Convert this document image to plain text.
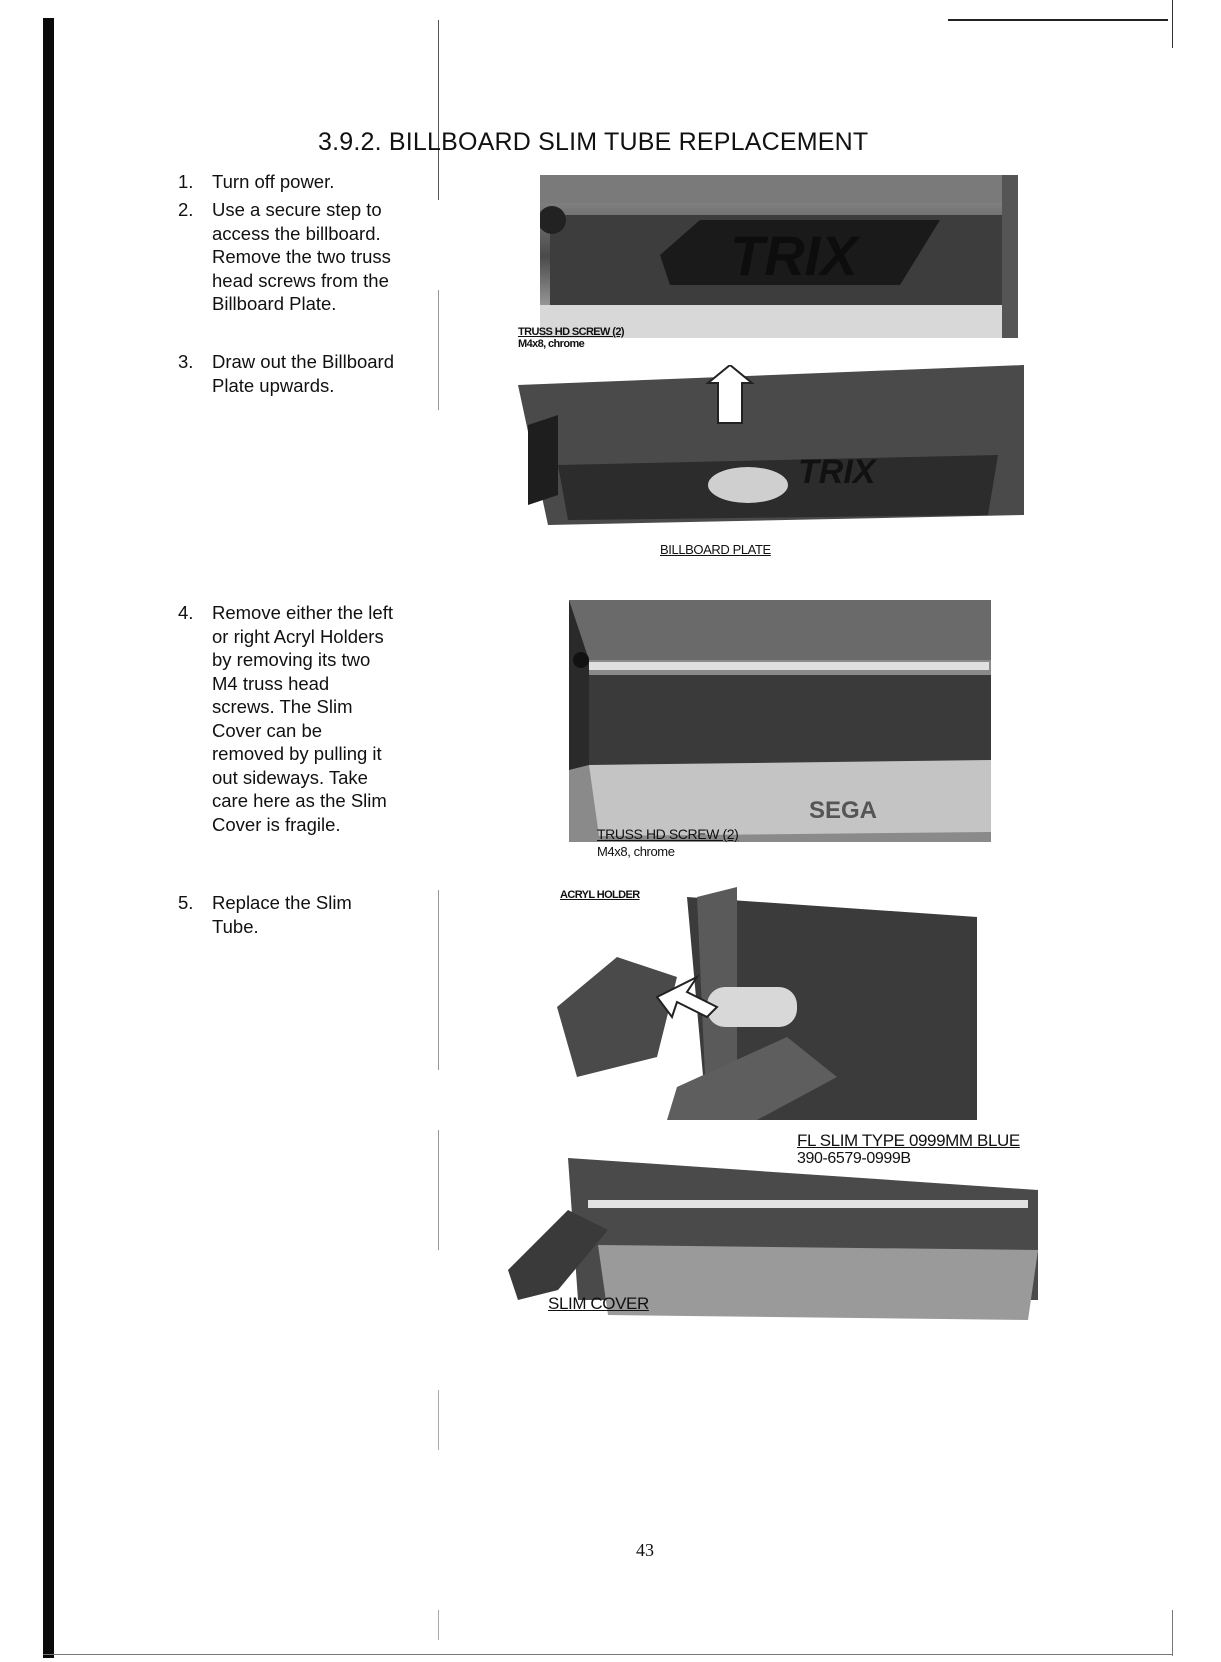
3.9.2. BILLBOARD SLIM TUBE REPLACEMENT
1. Turn off power.
2. Use a secure step to access the billboard. Remove the two truss head screws from the Billboard Plate.
3. Draw out the Billboard Plate upwards.
4. Remove either the left or right Acryl Holders by removing its two M4 truss head screws. The Slim Cover can be removed by pulling it out sideways. Take care here as the Slim Cover is fragile.
5. Replace the Slim Tube.
TRIX
TRUSS HD SCREW (2)
M4x8, chrome
TRIX
BILLBOARD PLATE
SEGA
TRUSS HD SCREW (2)
M4x8, chrome
ACRYL HOLDER
FL SLIM TYPE 0999MM BLUE
390-6579-0999B
SLIM COVER
43
